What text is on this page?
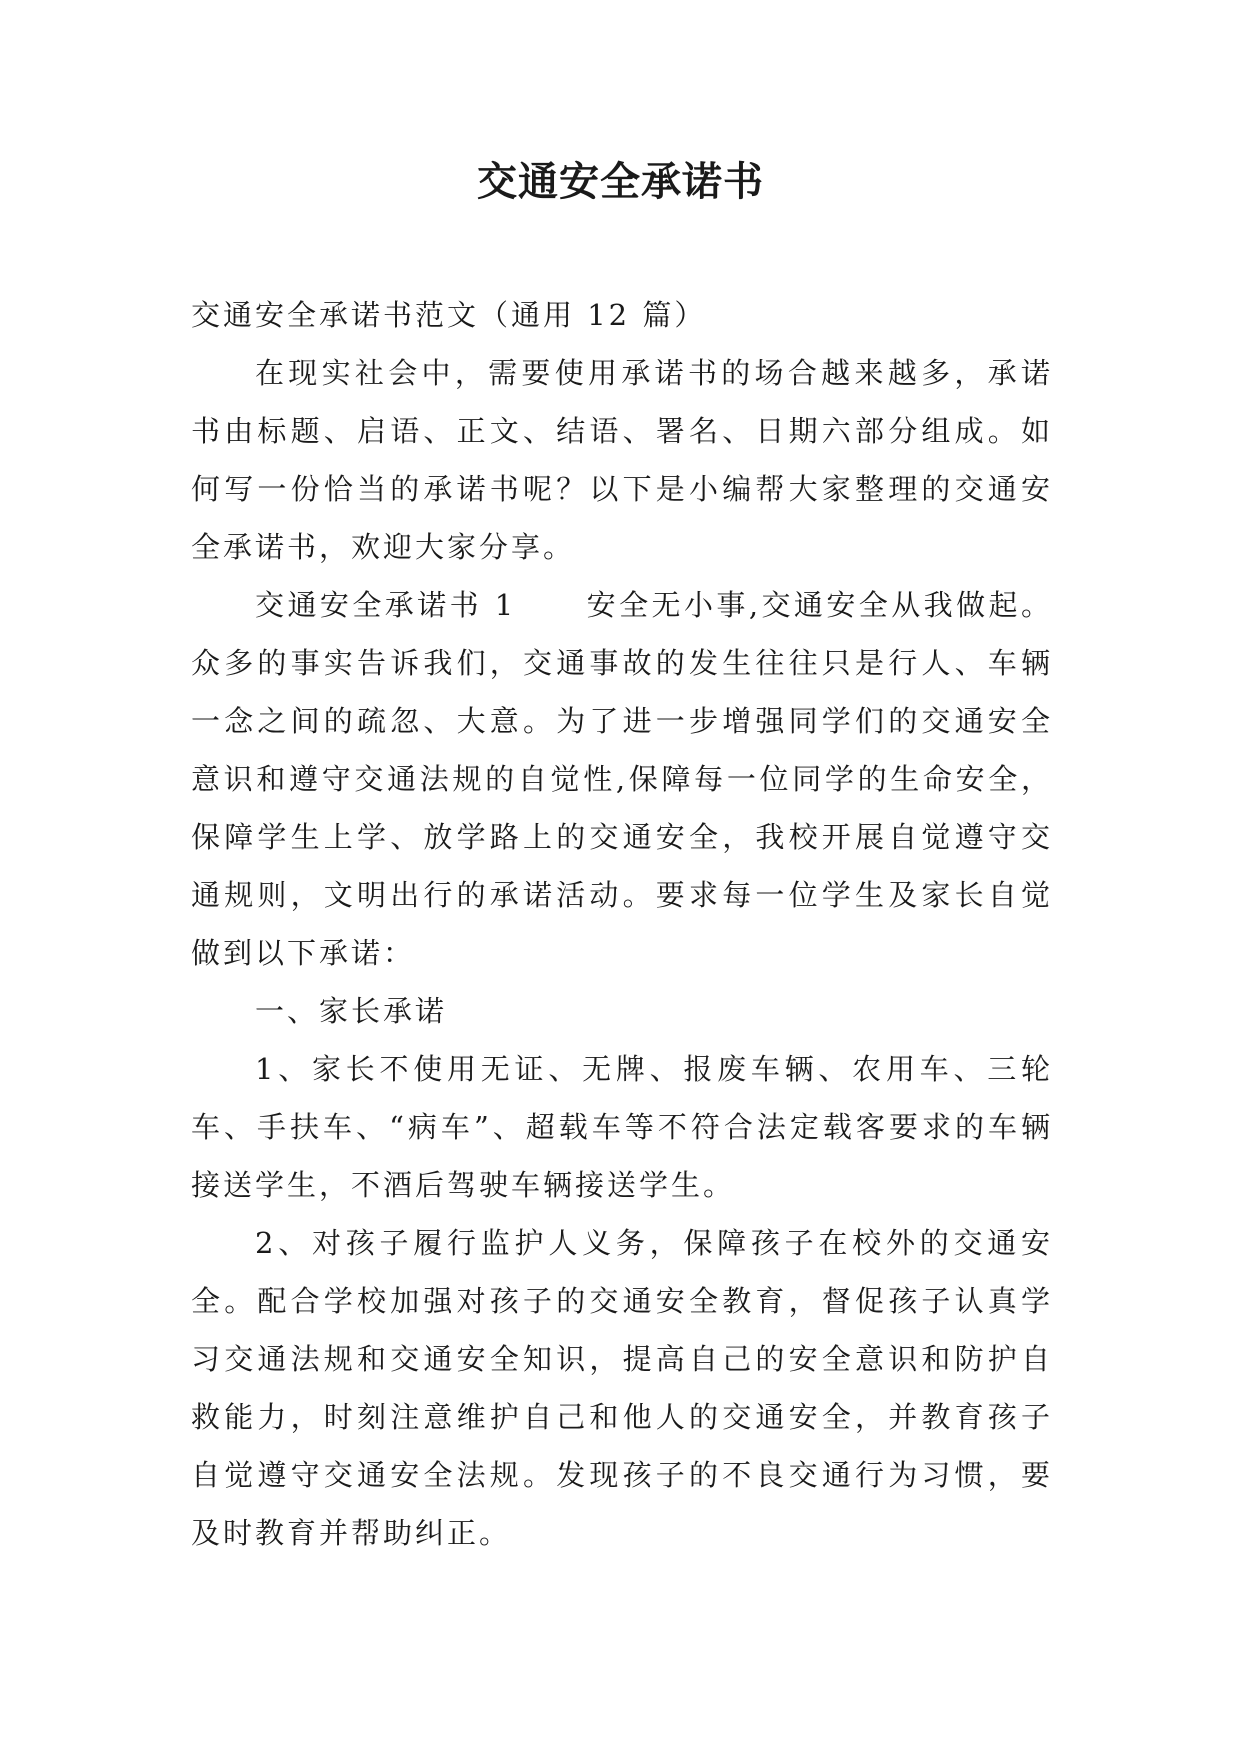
交通安全承诺书

交通安全承诺书范文（通用 12 篇）

在现实社会中，需要使用承诺书的场合越来越多，承诺书由标题、启语、正文、结语、署名、日期六部分组成。如何写一份恰当的承诺书呢？以下是小编帮大家整理的交通安全承诺书，欢迎大家分享。

交通安全承诺书 1 安全无小事,交通安全从我做起。众多的事实告诉我们，交通事故的发生往往只是行人、车辆一念之间的疏忽、大意。为了进一步增强同学们的交通安全意识和遵守交通法规的自觉性,保障每一位同学的生命安全，保障学生上学、放学路上的交通安全，我校开展自觉遵守交通规则，文明出行的承诺活动。要求每一位学生及家长自觉做到以下承诺：

一、家长承诺

1、家长不使用无证、无牌、报废车辆、农用车、三轮车、手扶车、“病车”、超载车等不符合法定载客要求的车辆接送学生，不酒后驾驶车辆接送学生。

2、对孩子履行监护人义务，保障孩子在校外的交通安全。配合学校加强对孩子的交通安全教育，督促孩子认真学习交通法规和交通安全知识，提高自己的安全意识和防护自救能力，时刻注意维护自己和他人的交通安全，并教育孩子自觉遵守交通安全法规。发现孩子的不良交通行为习惯，要及时教育并帮助纠正。
